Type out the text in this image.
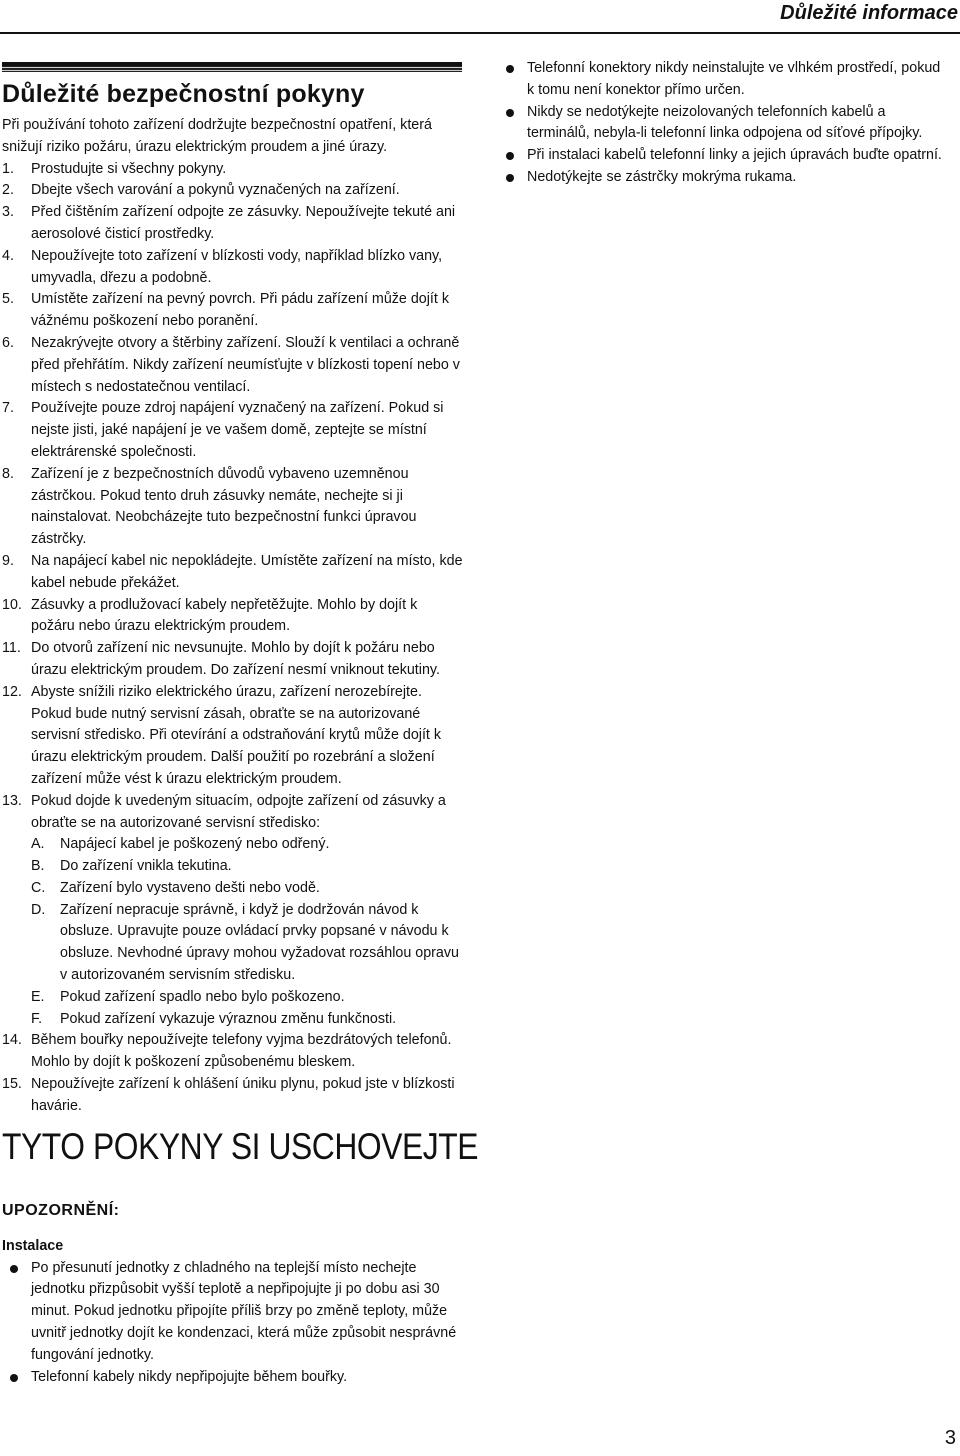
Důležité informace
Důležité bezpečnostní pokyny

Při používání tohoto zařízení dodržujte bezpečnostní opatření, která snižují riziko požáru, úrazu elektrickým proudem a jiné úrazy.

1. Prostudujte si všechny pokyny.

2. Dbejte všech varování a pokynů vyznačených na zařízení.

3. Před čištěním zařízení odpojte ze zásuvky. Nepoužívejte tekuté ani aerosolové čisticí prostředky.

4. Nepoužívejte toto zařízení v blízkosti vody, například blízko vany, umyvadla, dřezu a podobně.

5. Umístěte zařízení na pevný povrch. Při pádu zařízení může dojít k vážnému poškození nebo poranění.

6. Nezakrývejte otvory a štěrbiny zařízení. Slouží k ventilaci a ochraně před přehřátím. Nikdy zařízení neumísťujte v blízkosti topení nebo v místech s nedostatečnou ventilací.

7. Používejte pouze zdroj napájení vyznačený na zařízení. Pokud si nejste jisti, jaké napájení je ve vašem domě, zeptejte se místní elektrárenské společnosti.

8. Zařízení je z bezpečnostních důvodů vybaveno uzemněnou zástrčkou. Pokud tento druh zásuvky nemáte, nechejte si ji nainstalovat. Neobcházejte tuto bezpečnostní funkci úpravou zástrčky.

9. Na napájecí kabel nic nepokládejte. Umístěte zařízení na místo, kde kabel nebude překážet.

10. Zásuvky a prodlužovací kabely nepřetěžujte. Mohlo by dojít k požáru nebo úrazu elektrickým proudem.

11. Do otvorů zařízení nic nevsunujte. Mohlo by dojít k požáru nebo úrazu elektrickým proudem. Do zařízení nesmí vniknout tekutiny.

12. Abyste snížili riziko elektrického úrazu, zařízení nerozebírejte. Pokud bude nutný servisní zásah, obraťte se na autorizované servisní středisko. Při otevírání a odstraňování krytů může dojít k úrazu elektrickým proudem. Další použití po rozebrání a složení zařízení může vést k úrazu elektrickým proudem.

13. Pokud dojde k uvedeným situacím, odpojte zařízení od zásuvky a obraťte se na autorizované servisní středisko:

A. Napájecí kabel je poškozený nebo odřený.

B. Do zařízení vnikla tekutina.

C. Zařízení bylo vystaveno dešti nebo vodě.

D. Zařízení nepracuje správně, i když je dodržován návod k obsluze. Upravujte pouze ovládací prvky popsané v návodu k obsluze. Nevhodné úpravy mohou vyžadovat rozsáhlou opravu v autorizovaném servisním středisku.

E. Pokud zařízení spadlo nebo bylo poškozeno.

F. Pokud zařízení vykazuje výraznou změnu funkčnosti.

14. Během bouřky nepoužívejte telefony vyjma bezdrátových telefonů. Mohlo by dojít k poškození způsobenému bleskem.

15. Nepoužívejte zařízení k ohlášení úniku plynu, pokud jste v blízkosti havárie.

TYTO POKYNY SI USCHOVEJTE
UPOZORNĚNÍ:
Instalace

Po přesunutí jednotky z chladného na teplejší místo nechejte jednotku přizpůsobit vyšší teplotě a nepřipojujte ji po dobu asi 30 minut. Pokud jednotku připojíte příliš brzy po změně teploty, může uvnitř jednotky dojít ke kondenzaci, která může způsobit nesprávné fungování jednotky.

Telefonní kabely nikdy nepřipojujte během bouřky.

Telefonní konektory nikdy neinstalujte ve vlhkém prostředí, pokud k tomu není konektor přímo určen.

Nikdy se nedotýkejte neizolovaných telefonních kabelů a terminálů, nebyla-li telefonní linka odpojena od síťové přípojky.

Při instalaci kabelů telefonní linky a jejich úpravách buďte opatrní.

Nedotýkejte se zástrčky mokrýma rukama.

3
